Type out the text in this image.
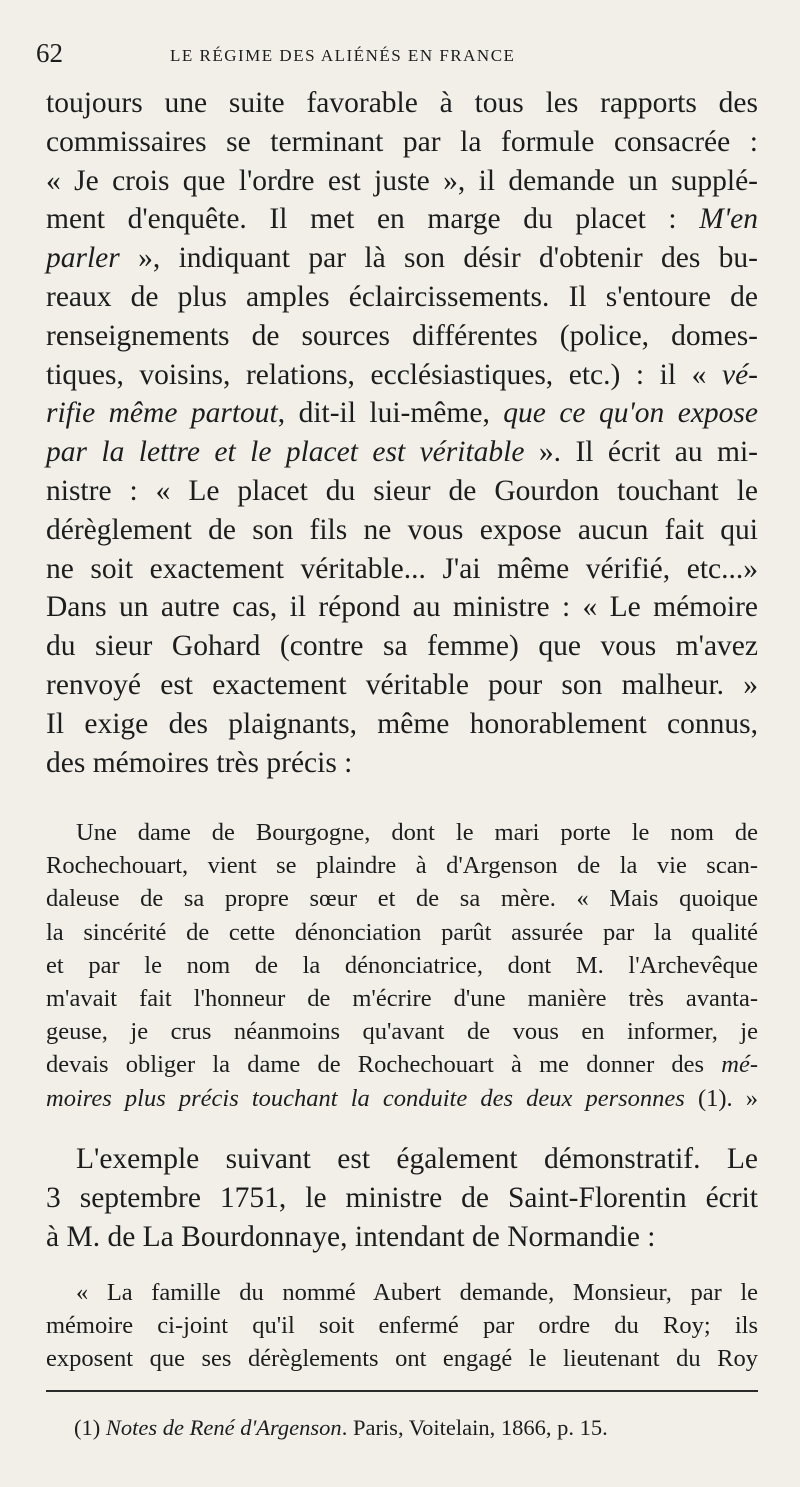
62	LE RÉGIME DES ALIÉNÉS EN FRANCE
toujours une suite favorable à tous les rapports des
commissaires se terminant par la formule consacrée :
« Je crois que l'ordre est juste », il demande un supplé-
ment d'enquête. Il met en marge du placet : M'en
parler », indiquant par là son désir d'obtenir des bu-
reaux de plus amples éclaircissements. Il s'entoure de
renseignements de sources différentes (police, domes-
tiques, voisins, relations, ecclésiastiques, etc.) : il « vé-
rifie même partout, dit-il lui-même, que ce qu'on expose
par la lettre et le placet est véritable ». Il écrit au mi-
nistre : « Le placet du sieur de Gourdon touchant le
dérèglement de son fils ne vous expose aucun fait qui
ne soit exactement véritable... J'ai même vérifié, etc...»
Dans un autre cas, il répond au ministre : « Le mémoire
du sieur Gohard (contre sa femme) que vous m'avez
renvoyé est exactement véritable pour son malheur. »
Il exige des plaignants, même honorablement connus,
des mémoires très précis :
Une dame de Bourgogne, dont le mari porte le nom de
Rochechouart, vient se plaindre à d'Argenson de la vie scan-
daleuse de sa propre sœur et de sa mère. « Mais quoique
la sincérité de cette dénonciation parût assurée par la qualité
et par le nom de la dénonciatrice, dont M. l'Archevêque
m'avait fait l'honneur de m'écrire d'une manière très avanta-
geuse, je crus néanmoins qu'avant de vous en informer, je
devais obliger la dame de Rochechouart à me donner des mé-
moires plus précis touchant la conduite des deux personnes (1). »
L'exemple suivant est également démonstratif. Le
3 septembre 1751, le ministre de Saint-Florentin écrit
à M. de La Bourdonnaye, intendant de Normandie :
« La famille du nommé Aubert demande, Monsieur, par le
mémoire ci-joint qu'il soit enfermé par ordre du Roy; ils
exposent que ses dérèglements ont engagé le lieutenant du Roy
(1) Notes de René d'Argenson. Paris, Voitelain, 1866, p. 15.
